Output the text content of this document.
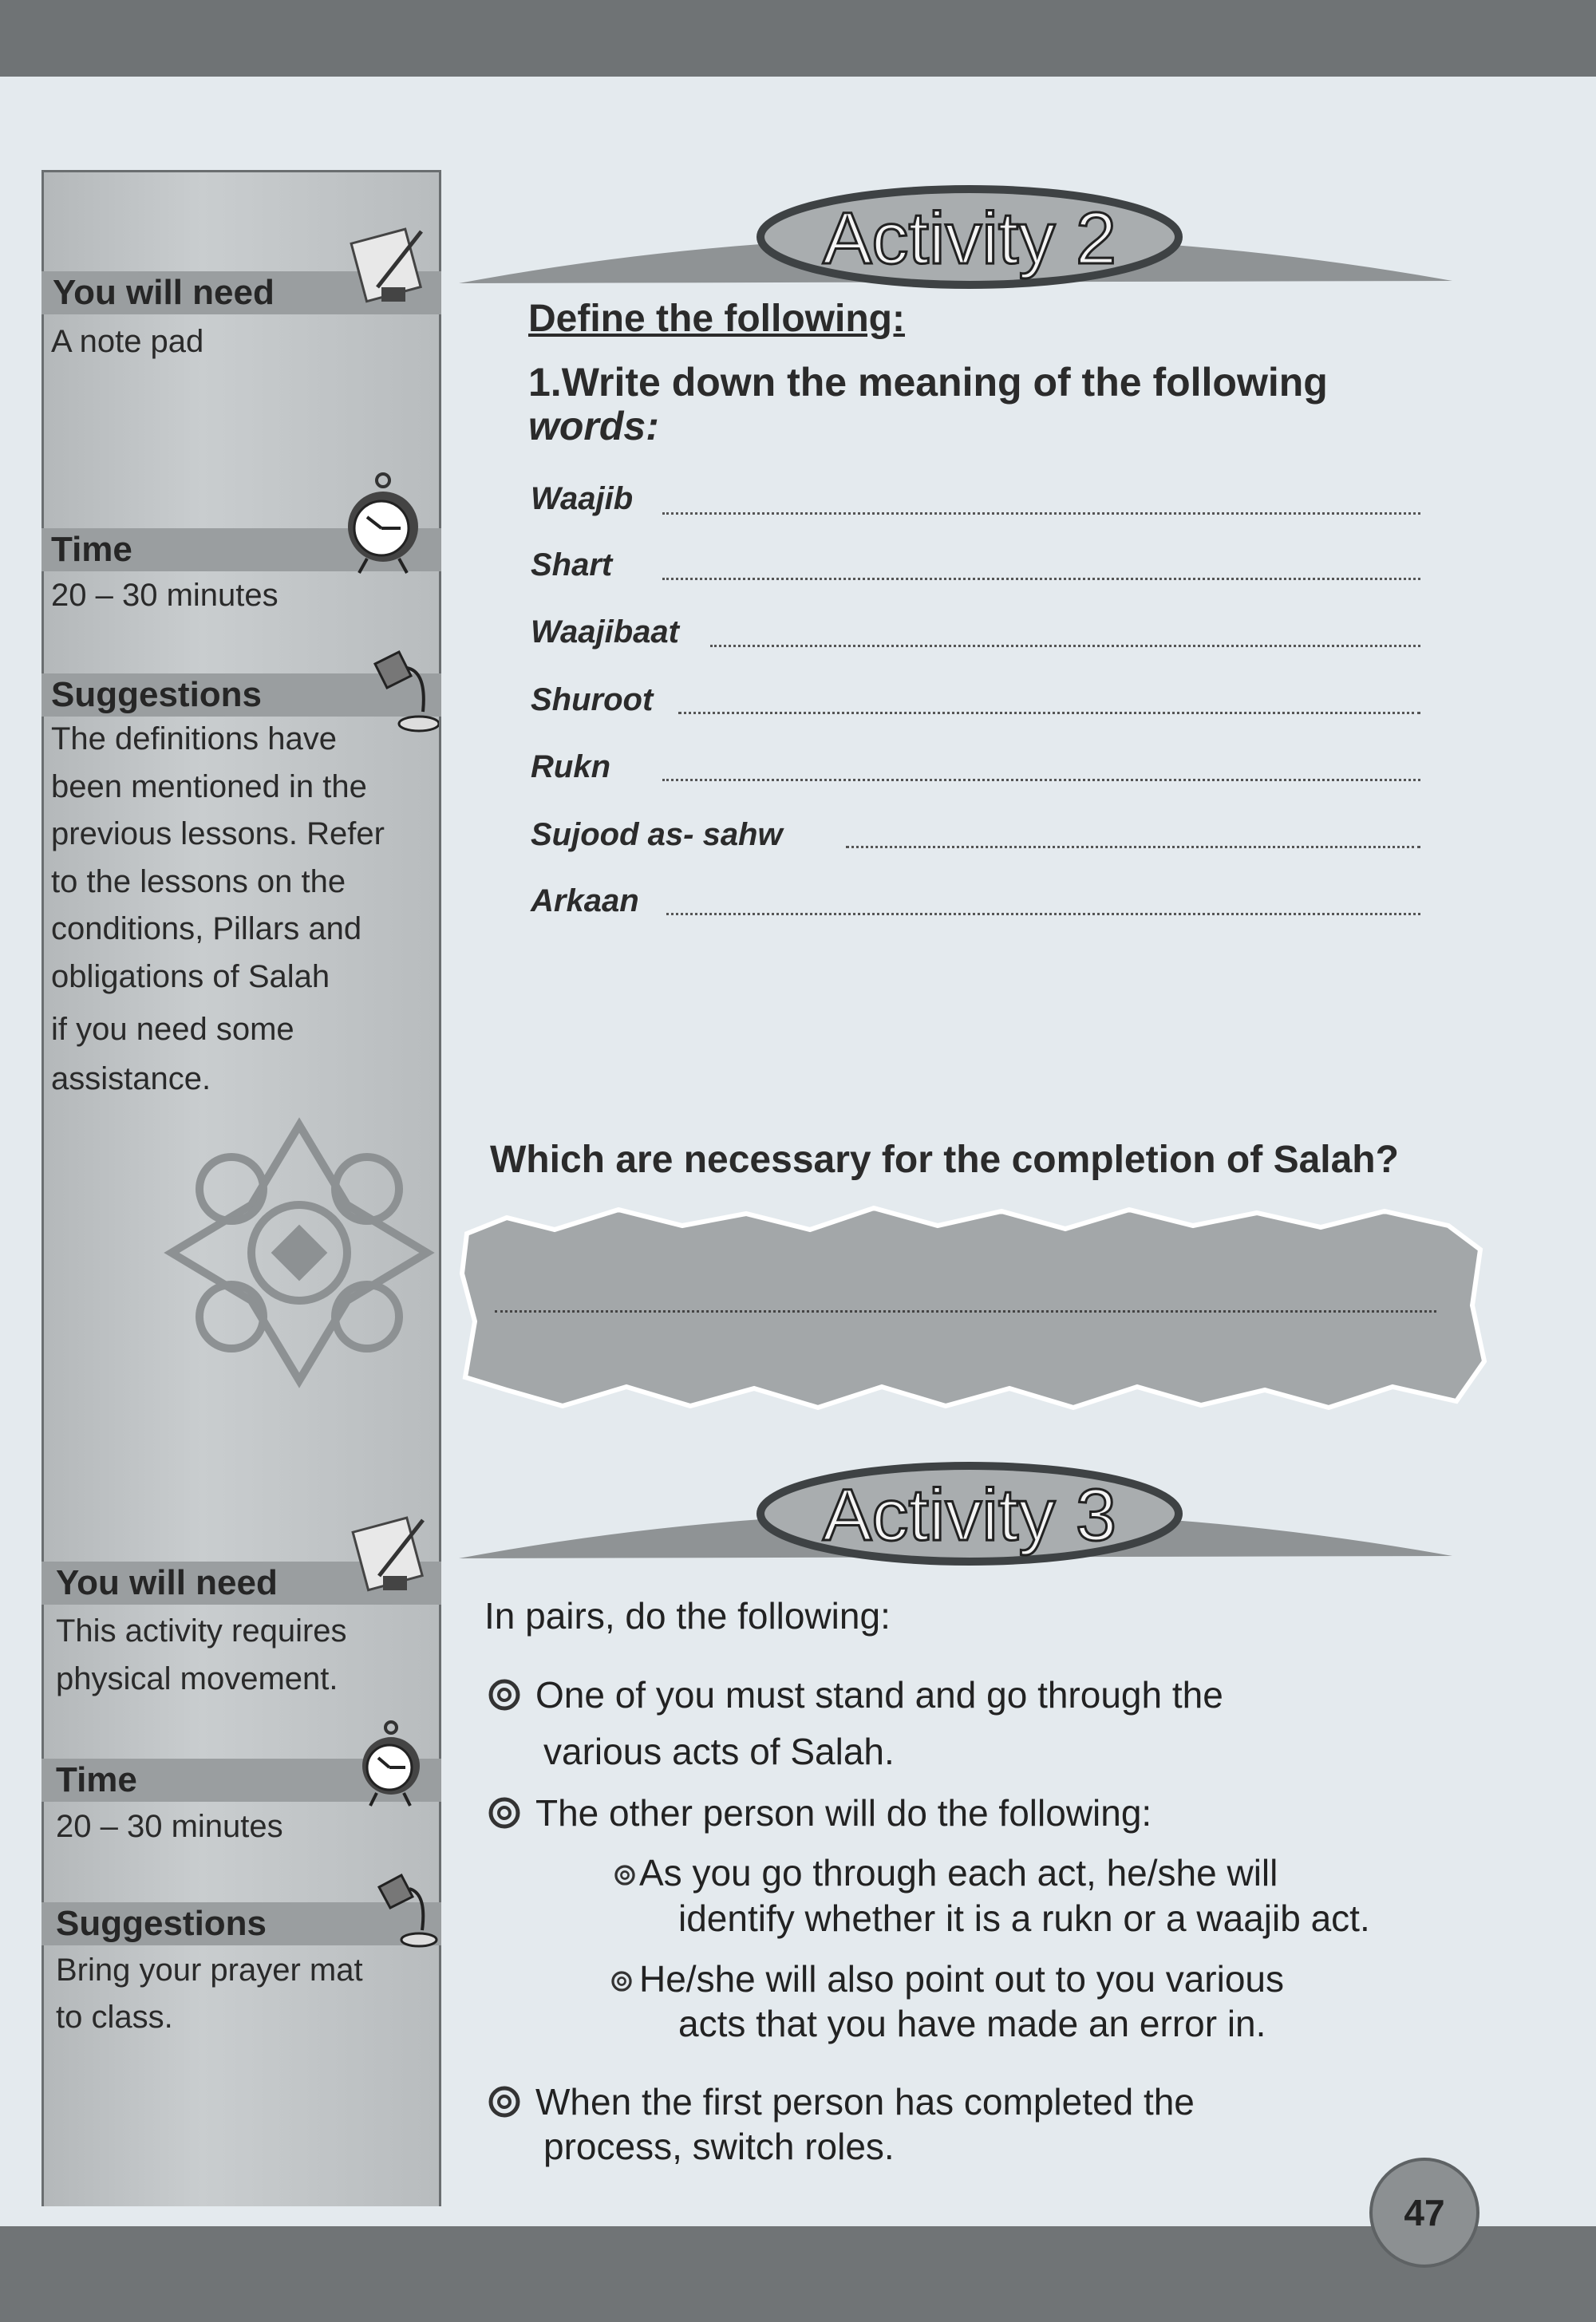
You will need
A note pad
Time
20 – 30 minutes
Suggestions
The definitions have
been mentioned in the
previous lessons. Refer
to the lessons on the
conditions, Pillars and
obligations of Salah
if you need some
assistance.
You will need
This activity requires
physical movement.
Time
20 – 30 minutes
Suggestions
Bring your prayer mat
to class.
Activity 2
Define the following:
1.Write down the meaning of the following
words:
Waajib
Shart
Waajibaat
Shuroot
Rukn
Sujood as- sahw
Arkaan
Which are necessary for the completion of Salah?
Activity 3
In pairs, do the following:
One of you must stand and go through the
various acts of Salah.
The other person will do the following:
As you go through each act, he/she will
identify whether it is a rukn or a waajib act.
He/she will also point out to you various
acts that you have made an error in.
When the first person has completed the
process, switch roles.
47
